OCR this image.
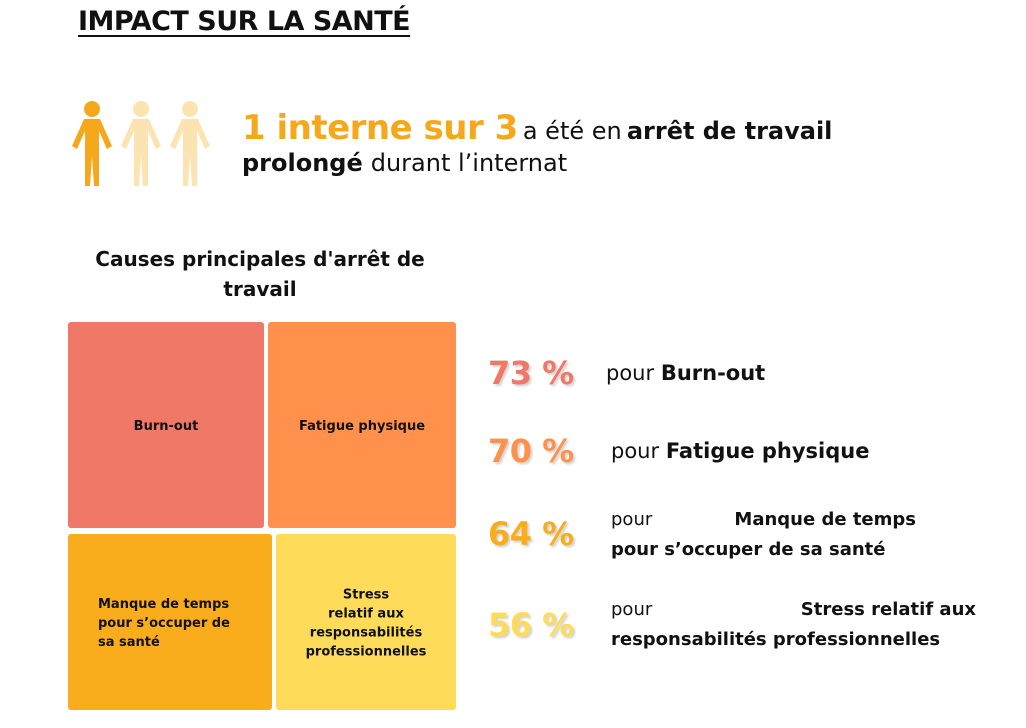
IMPACT SUR LA SANTÉ
1 interne sur 3 a été en arrêt de travail
prolongé durant l’internat
Causes principales d'arrêt de
travail
Burn-out	Fatigue physique
Manque de temps
pour s’occuper de
sa santé
Stress
relatif aux
responsabilités
professionnelles
73 % pour Burn-out
70 % pour Fatigue physique
64 % pour	Manque de temps
pour s’occuper de sa santé
56 % pour	Stress relatif aux
responsabilités professionnelles
